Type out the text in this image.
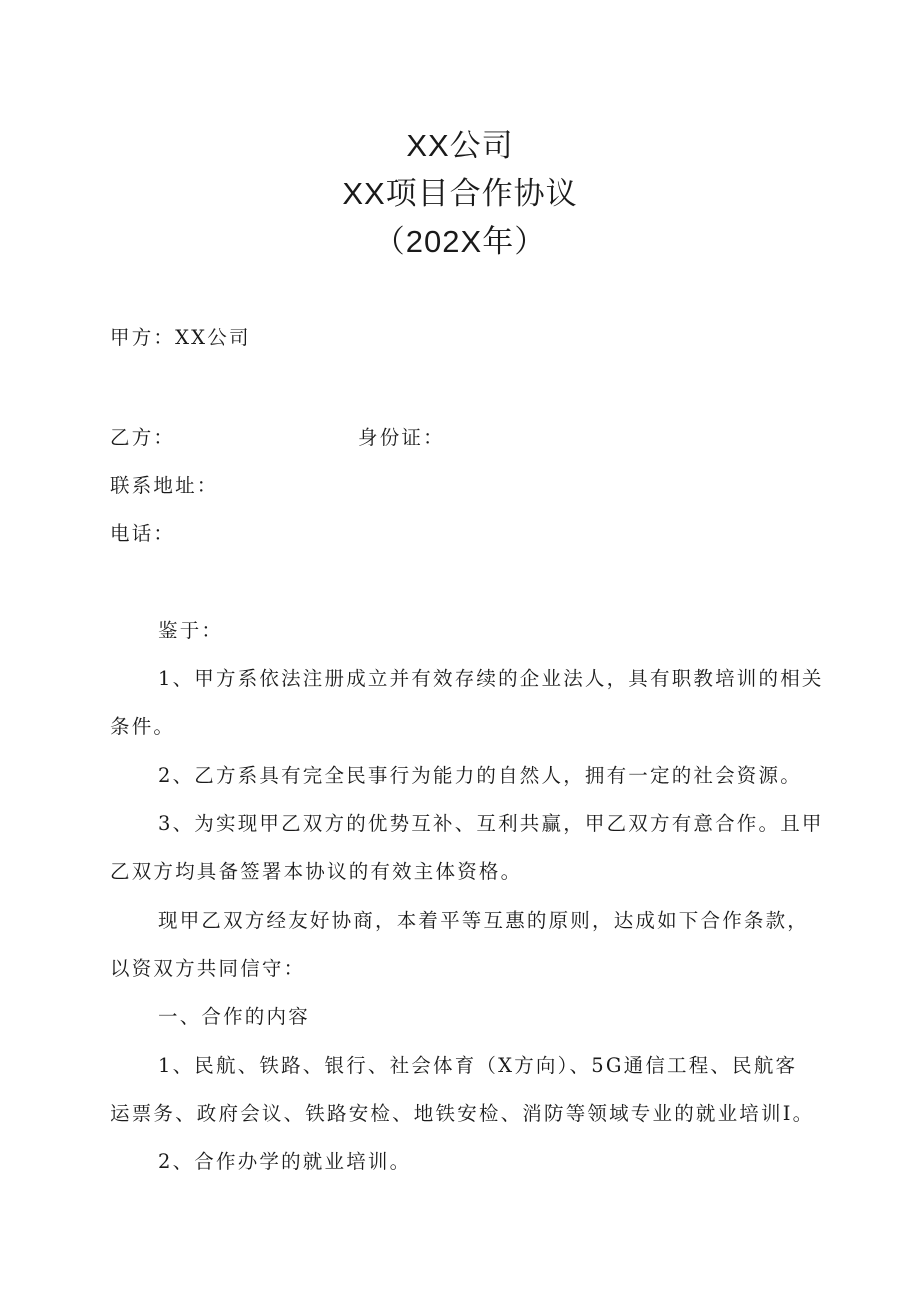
XX公司
XX项目合作协议
（202X年）
甲方：XX公司
乙方：	身份证：
联系地址：
电话：
鉴于：
1、甲方系依法注册成立并有效存续的企业法人，具有职教培训的相关
条件。
2、乙方系具有完全民事行为能力的自然人，拥有一定的社会资源。
3、为实现甲乙双方的优势互补、互利共赢，甲乙双方有意合作。且甲
乙双方均具备签署本协议的有效主体资格。
现甲乙双方经友好协商，本着平等互惠的原则，达成如下合作条款，
以资双方共同信守：
一、合作的内容
1、民航、铁路、银行、社会体育（X方向）、5G通信工程、民航客
运票务、政府会议、铁路安检、地铁安检、消防等领域专业的就业培训Ⅰ。
2、合作办学的就业培训。
